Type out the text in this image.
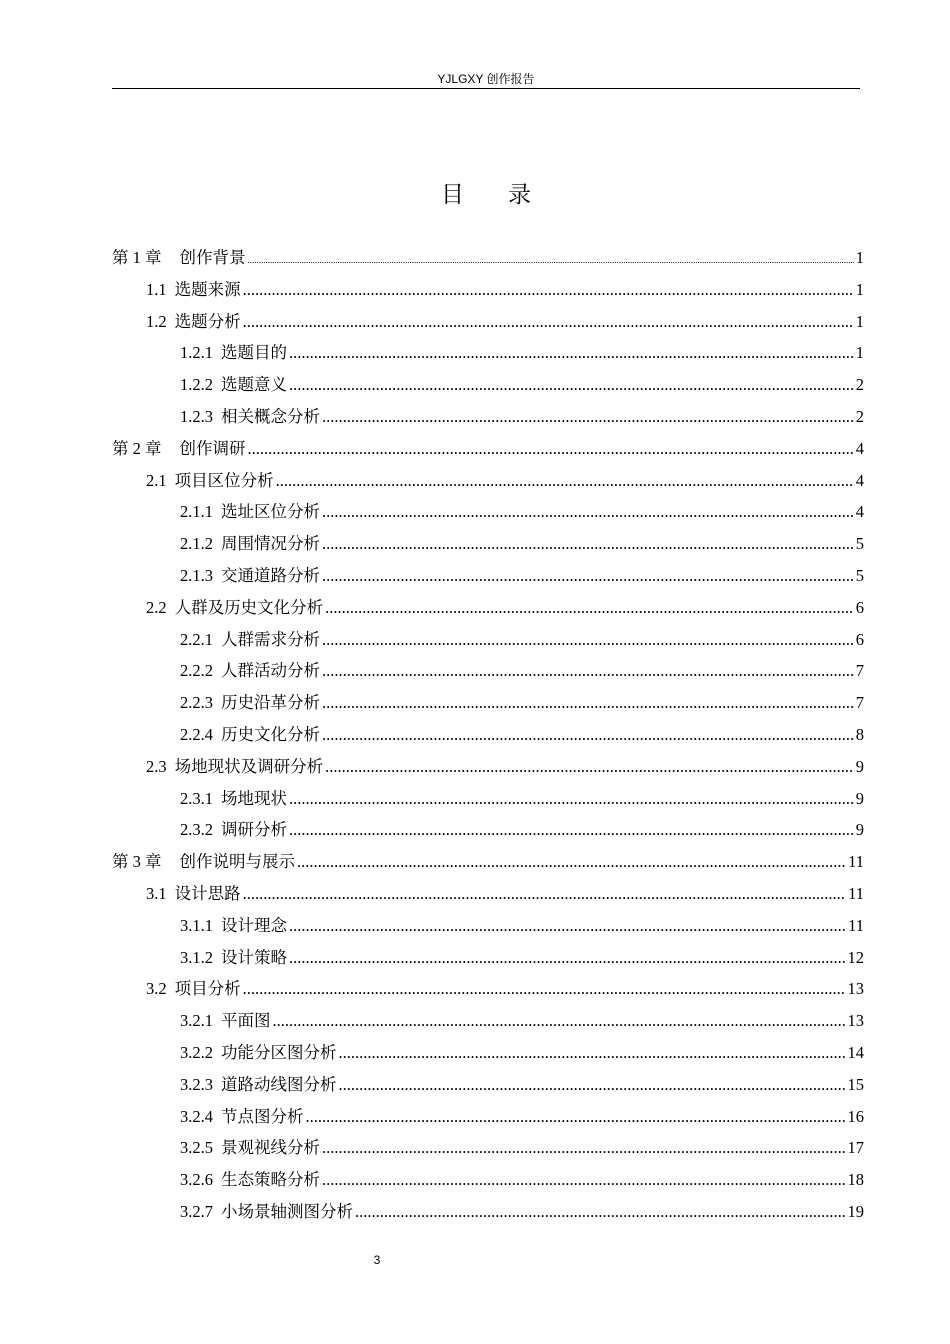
YJLGXY 创作报告
目录
第 1 章 创作背景 .....	1
1.1 选题来源 .....	1
1.2 选题分析 .....	1
1.2.1 选题目的 .....	1
1.2.2 选题意义 .....	2
1.2.3 相关概念分析 .....	2
第 2 章 创作调研 .....	4
2.1 项目区位分析 .....	4
2.1.1 选址区位分析 .....	4
2.1.2 周围情况分析 .....	5
2.1.3 交通道路分析 .....	5
2.2 人群及历史文化分析 .....	6
2.2.1 人群需求分析 .....	6
2.2.2 人群活动分析 .....	7
2.2.3 历史沿革分析 .....	7
2.2.4 历史文化分析 .....	8
2.3 场地现状及调研分析 .....	9
2.3.1 场地现状 .....	9
2.3.2 调研分析 .....	9
第 3 章 创作说明与展示 .....	11
3.1 设计思路 .....	11
3.1.1 设计理念 .....	11
3.1.2 设计策略 .....	12
3.2 项目分析 .....	13
3.2.1 平面图 .....	13
3.2.2 功能分区图分析 .....	14
3.2.3 道路动线图分析 .....	15
3.2.4 节点图分析 .....	16
3.2.5 景观视线分析 .....	17
3.2.6 生态策略分析 .....	18
3.2.7 小场景轴测图分析 .....	19
3
